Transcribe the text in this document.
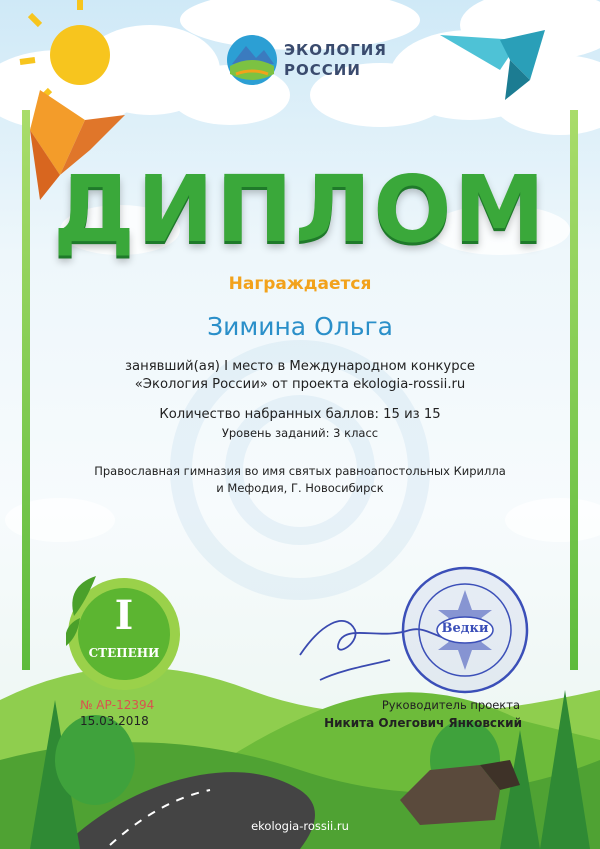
ЭКОЛОГИЯ
РОССИИ
ДИПЛОМ
Награждается
Зимина Ольга
занявший(ая) I место в Международном конкурсе
«Экология России» от проекта ekologia-rossii.ru
Количество набранных баллов: 15 из 15
Уровень заданий: 3 класс
Православная гимназия во имя святых равноапостольных Кирилла
и Мефодия, Г. Новосибирск
I
СТЕПЕНИ
Ведки
№ АР-12394
15.03.2018
Руководитель проекта
Никита Олегович Янковский
ekologia-rossii.ru
